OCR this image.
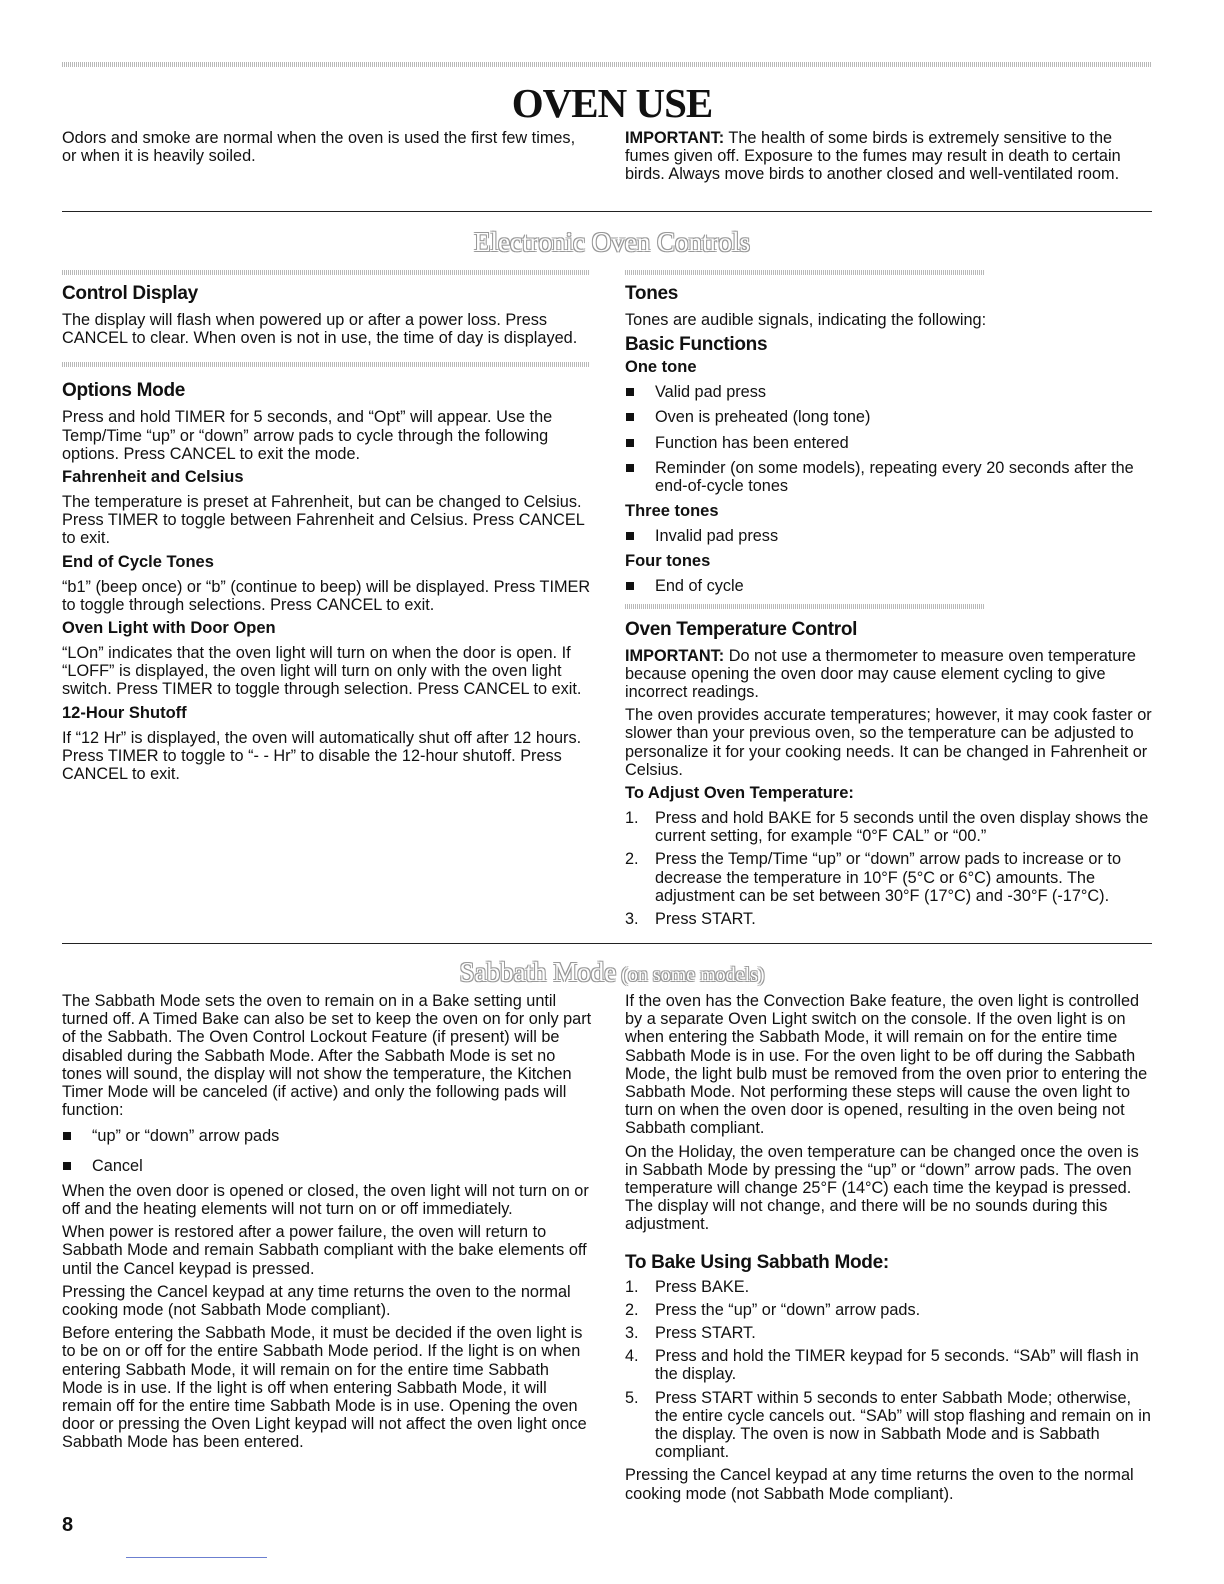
OVEN USE

Odors and smoke are normal when the oven is used the first few times, or when it is heavily soiled.

IMPORTANT: The health of some birds is extremely sensitive to the fumes given off. Exposure to the fumes may result in death to certain birds. Always move birds to another closed and well-ventilated room.

Electronic Oven Controls
Control Display

The display will flash when powered up or after a power loss. Press CANCEL to clear. When oven is not in use, the time of day is displayed.

Options Mode

Press and hold TIMER for 5 seconds, and “Opt” will appear. Use the Temp/Time “up” or “down” arrow pads to cycle through the following options. Press CANCEL to exit the mode.

Fahrenheit and Celsius

The temperature is preset at Fahrenheit, but can be changed to Celsius. Press TIMER to toggle between Fahrenheit and Celsius. Press CANCEL to exit.

End of Cycle Tones

“b1” (beep once) or “b” (continue to beep) will be displayed. Press TIMER to toggle through selections. Press CANCEL to exit.

Oven Light with Door Open

“LOn” indicates that the oven light will turn on when the door is open. If “LOFF” is displayed, the oven light will turn on only with the oven light switch. Press TIMER to toggle through selection. Press CANCEL to exit.

12-Hour Shutoff

If “12 Hr” is displayed, the oven will automatically shut off after 12 hours. Press TIMER to toggle to “- - Hr” to disable the 12-hour shutoff. Press CANCEL to exit.

Tones

Tones are audible signals, indicating the following:

Basic Functions
One tone
Valid pad press
Oven is preheated (long tone)
Function has been entered
Reminder (on some models), repeating every 20 seconds after the end-of-cycle tones
Three tones
Invalid pad press
Four tones
End of cycle
Oven Temperature Control

IMPORTANT: Do not use a thermometer to measure oven temperature because opening the oven door may cause element cycling to give incorrect readings.

The oven provides accurate temperatures; however, it may cook faster or slower than your previous oven, so the temperature can be adjusted to personalize it for your cooking needs. It can be changed in Fahrenheit or Celsius.

To Adjust Oven Temperature:
1. Press and hold BAKE for 5 seconds until the oven display shows the current setting, for example “0°F CAL” or “00.”
2. Press the Temp/Time “up” or “down” arrow pads to increase or to decrease the temperature in 10°F (5°C or 6°C) amounts. The adjustment can be set between 30°F (17°C) and -30°F (-17°C).
3. Press START.
Sabbath Mode (on some models)

The Sabbath Mode sets the oven to remain on in a Bake setting until turned off. A Timed Bake can also be set to keep the oven on for only part of the Sabbath. The Oven Control Lockout Feature (if present) will be disabled during the Sabbath Mode. After the Sabbath Mode is set no tones will sound, the display will not show the temperature, the Kitchen Timer Mode will be canceled (if active) and only the following pads will function:

“up” or “down” arrow pads
Cancel

When the oven door is opened or closed, the oven light will not turn on or off and the heating elements will not turn on or off immediately.

When power is restored after a power failure, the oven will return to Sabbath Mode and remain Sabbath compliant with the bake elements off until the Cancel keypad is pressed.

Pressing the Cancel keypad at any time returns the oven to the normal cooking mode (not Sabbath Mode compliant).

Before entering the Sabbath Mode, it must be decided if the oven light is to be on or off for the entire Sabbath Mode period. If the light is on when entering Sabbath Mode, it will remain on for the entire time Sabbath Mode is in use. If the light is off when entering Sabbath Mode, it will remain off for the entire time Sabbath Mode is in use. Opening the oven door or pressing the Oven Light keypad will not affect the oven light once Sabbath Mode has been entered.

If the oven has the Convection Bake feature, the oven light is controlled by a separate Oven Light switch on the console. If the oven light is on when entering the Sabbath Mode, it will remain on for the entire time Sabbath Mode is in use. For the oven light to be off during the Sabbath Mode, the light bulb must be removed from the oven prior to entering the Sabbath Mode. Not performing these steps will cause the oven light to turn on when the oven door is opened, resulting in the oven being not Sabbath compliant.

On the Holiday, the oven temperature can be changed once the oven is in Sabbath Mode by pressing the “up” or “down” arrow pads. The oven temperature will change 25°F (14°C) each time the keypad is pressed. The display will not change, and there will be no sounds during this adjustment.

To Bake Using Sabbath Mode:
1. Press BAKE.
2. Press the “up” or “down” arrow pads.
3. Press START.
4. Press and hold the TIMER keypad for 5 seconds. “SAb” will flash in the display.
5. Press START within 5 seconds to enter Sabbath Mode; otherwise, the entire cycle cancels out. “SAb” will stop flashing and remain on in the display. The oven is now in Sabbath Mode and is Sabbath compliant.

Pressing the Cancel keypad at any time returns the oven to the normal cooking mode (not Sabbath Mode compliant).

8
